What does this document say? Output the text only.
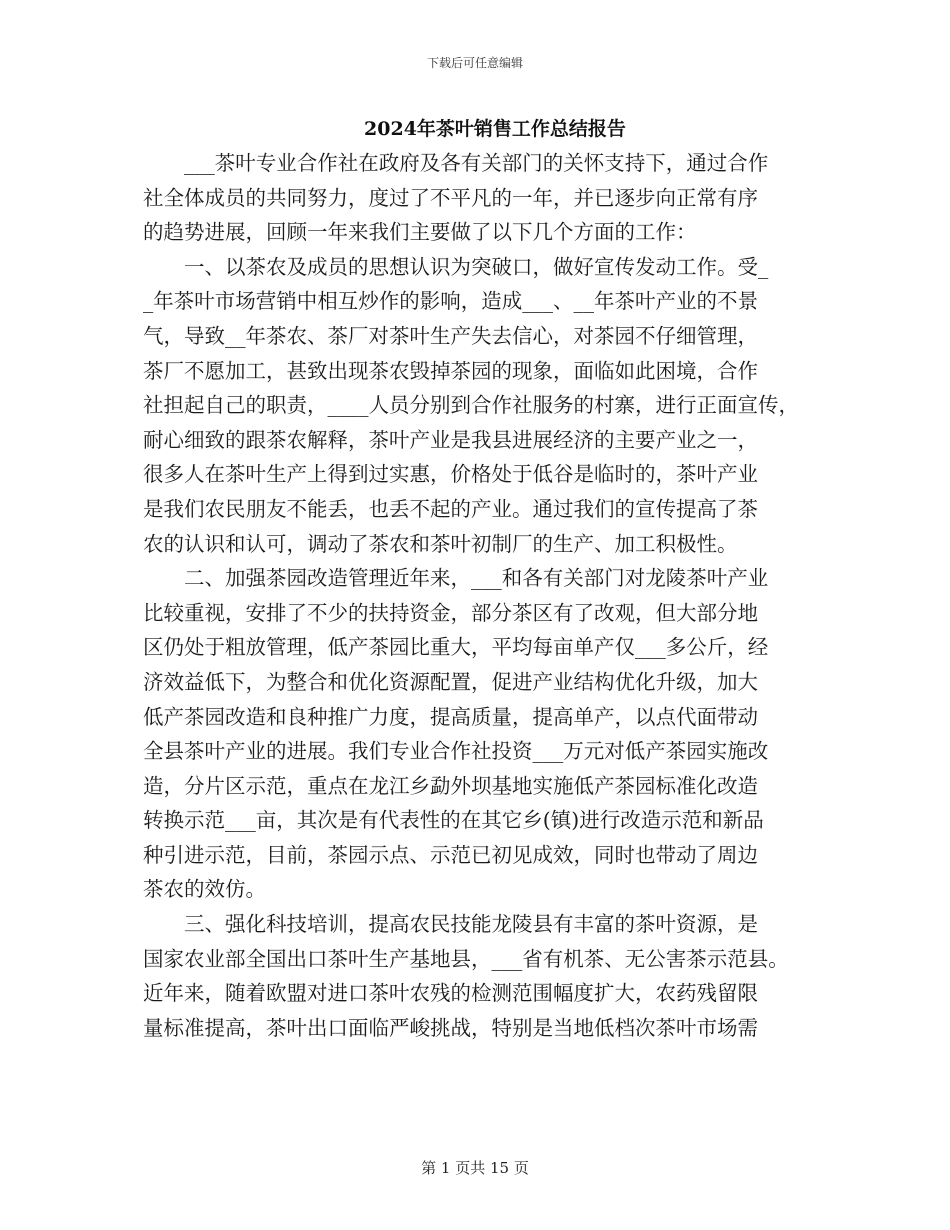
下载后可任意编辑
2024年茶叶销售工作总结报告
　　___茶叶专业合作社在政府及各有关部门的关怀支持下，通过合作
社全体成员的共同努力，度过了不平凡的一年，并已逐步向正常有序
的趋势进展，回顾一年来我们主要做了以下几个方面的工作：
　　一、以茶农及成员的思想认识为突破口，做好宣传发动工作。受_
_年茶叶市场营销中相互炒作的影响，造成___、__年茶叶产业的不景
气，导致__年茶农、茶厂对茶叶生产失去信心，对茶园不仔细管理，
茶厂不愿加工，甚致出现茶农毁掉茶园的现象，面临如此困境，合作
社担起自己的职责，____人员分别到合作社服务的村寨，进行正面宣传，
耐心细致的跟茶农解释，茶叶产业是我县进展经济的主要产业之一，
很多人在茶叶生产上得到过实惠，价格处于低谷是临时的，茶叶产业
是我们农民朋友不能丢，也丢不起的产业。通过我们的宣传提高了茶
农的认识和认可，调动了茶农和茶叶初制厂的生产、加工积极性。
　　二、加强茶园改造管理近年来，___和各有关部门对龙陵茶叶产业
比较重视，安排了不少的扶持资金，部分茶区有了改观，但大部分地
区仍处于粗放管理，低产茶园比重大，平均每亩单产仅___多公斤，经
济效益低下，为整合和优化资源配置，促进产业结构优化升级，加大
低产茶园改造和良种推广力度，提高质量，提高单产，以点代面带动
全县茶叶产业的进展。我们专业合作社投资___万元对低产茶园实施改
造，分片区示范，重点在龙江乡勐外坝基地实施低产茶园标准化改造
转换示范___亩，其次是有代表性的在其它乡(镇)进行改造示范和新品
种引进示范，目前，茶园示点、示范已初见成效，同时也带动了周边
茶农的效仿。
　　三、强化科技培训，提高农民技能龙陵县有丰富的茶叶资源，是
国家农业部全国出口茶叶生产基地县，___省有机茶、无公害茶示范县。
近年来，随着欧盟对进口茶叶农残的检测范围幅度扩大，农药残留限
量标准提高，茶叶出口面临严峻挑战，特别是当地低档次茶叶市场需
第 1 页共 15 页
